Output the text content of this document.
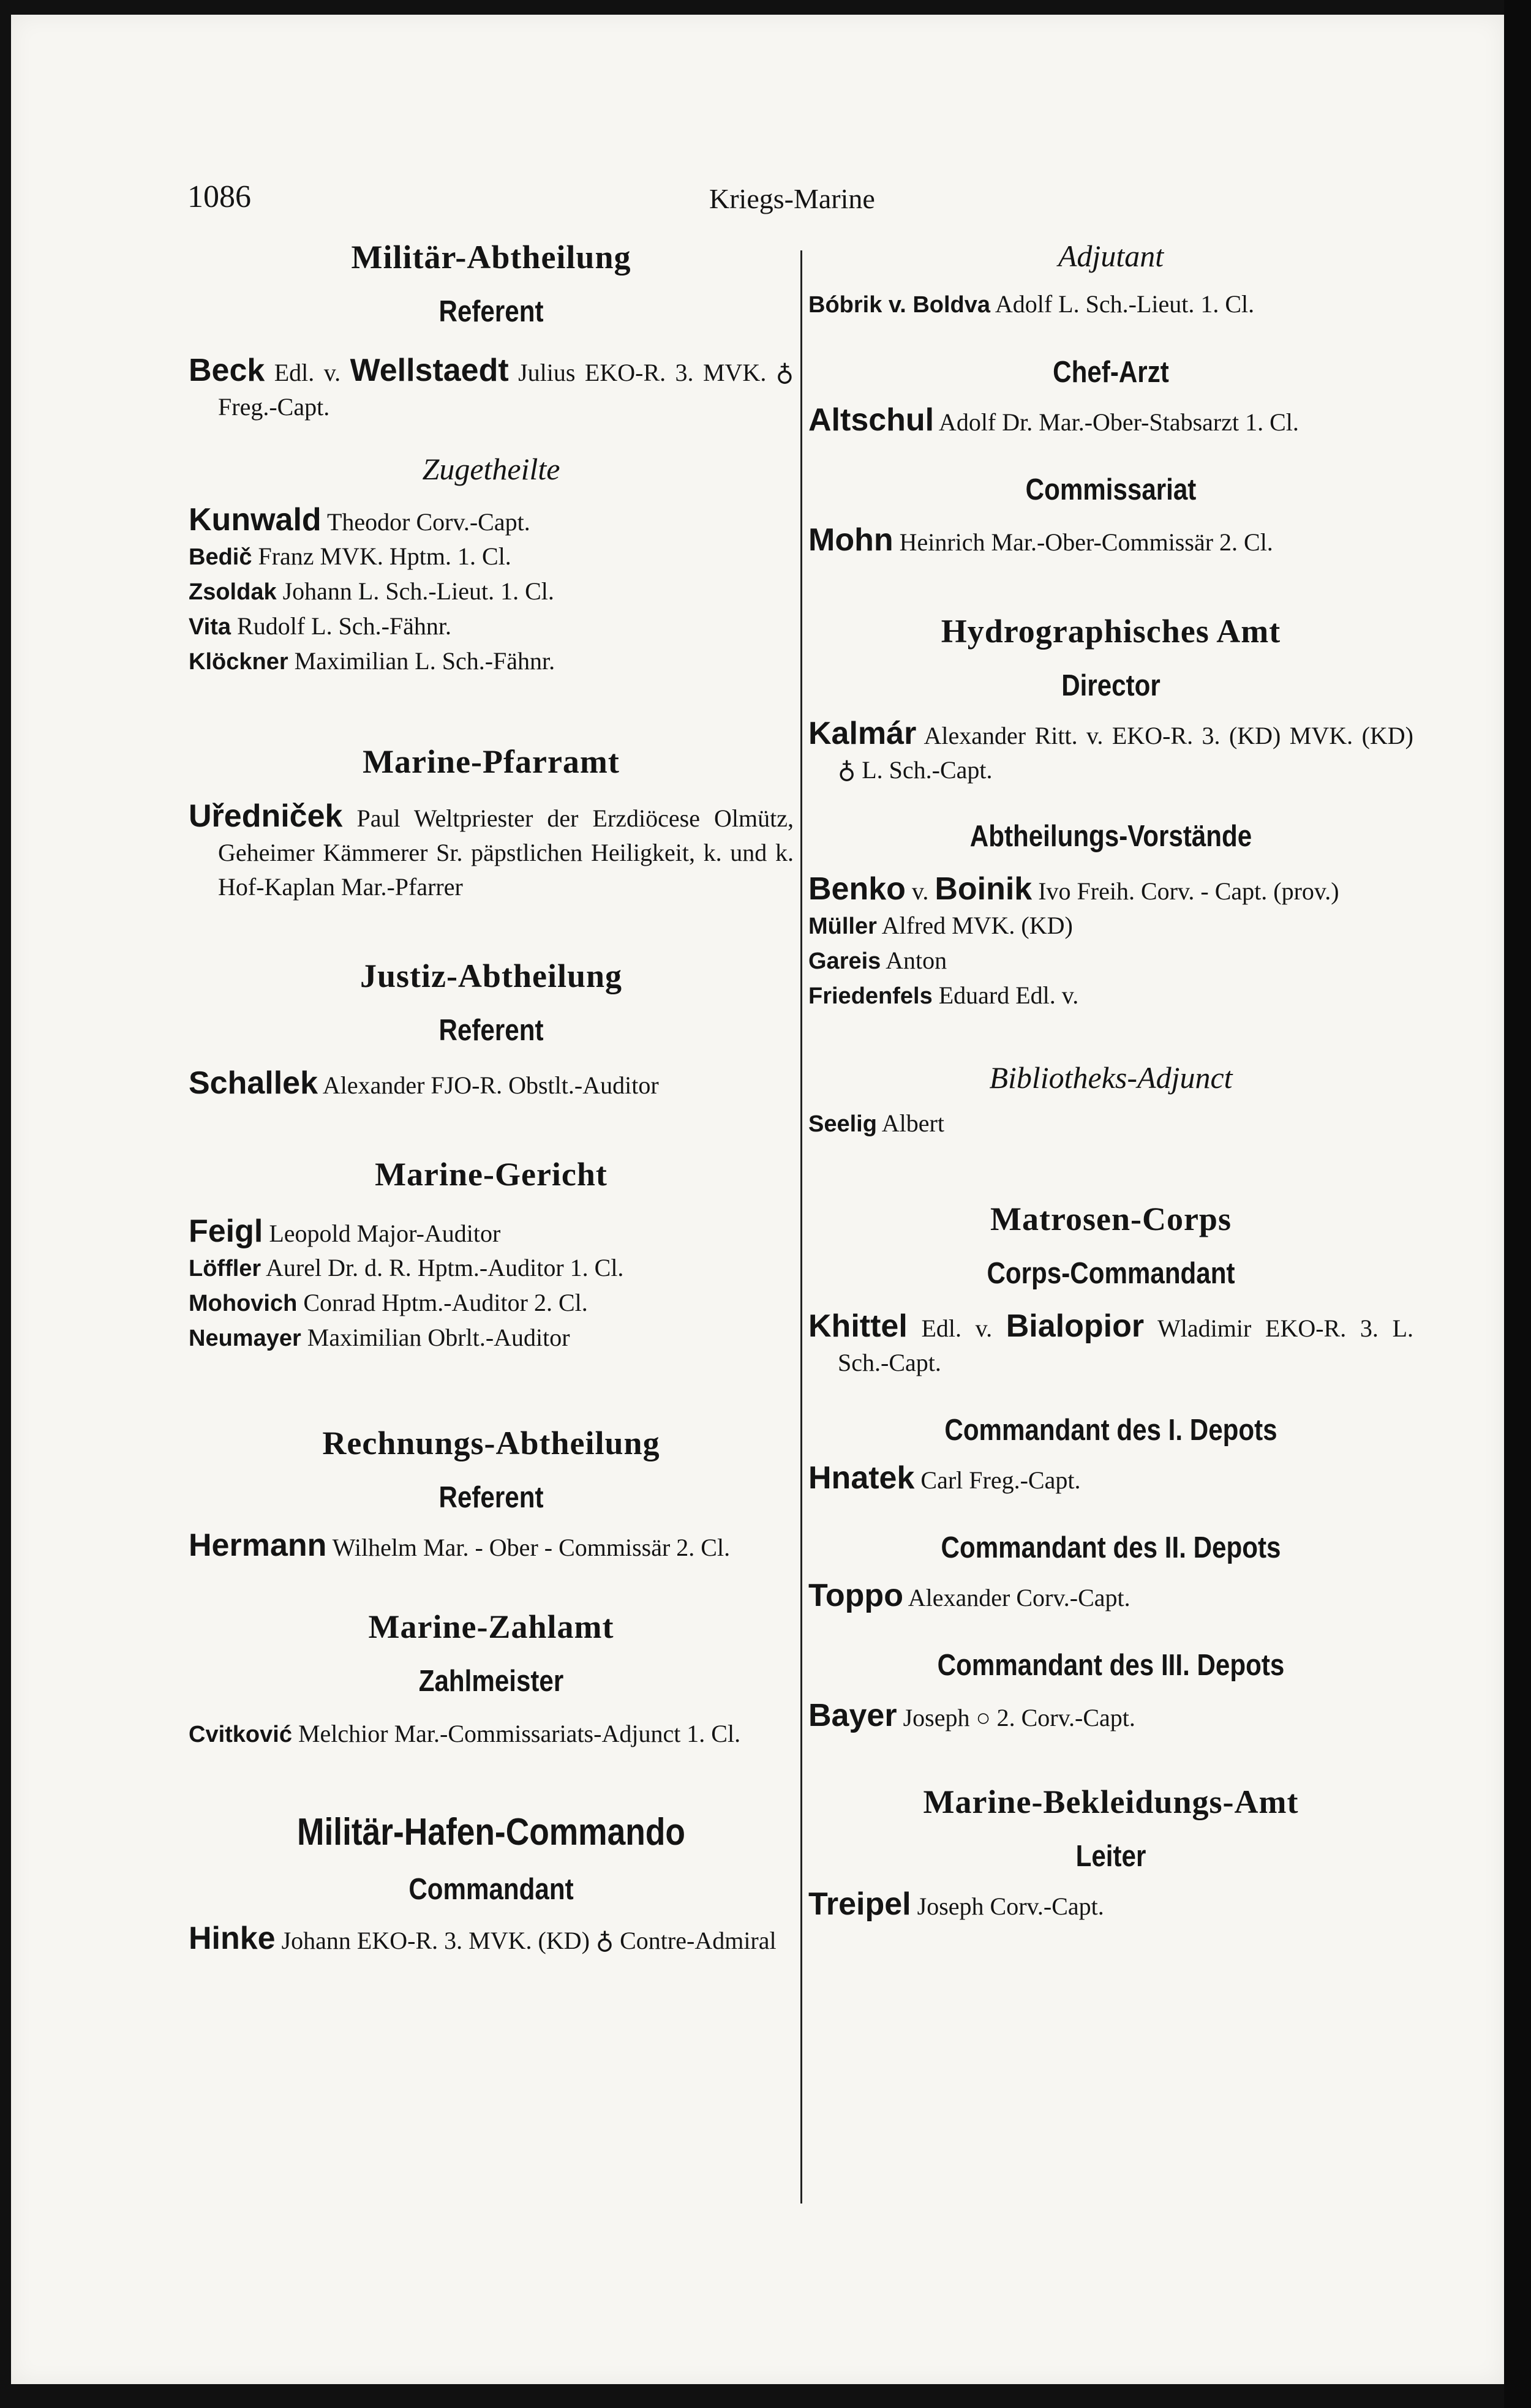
1086	Kriegs-Marine
Militär-Abtheilung
Referent
Beck Edl. v. Wellstaedt Julius EKO-R. 3. MVK. ♁ Freg.-Capt.
Zugetheilte
Kunwald Theodor Corv.-Capt.
Bedič Franz MVK. Hptm. 1. Cl.
Zsoldak Johann L. Sch.-Lieut. 1. Cl.
Vita Rudolf L. Sch.-Fähnr.
Klöckner Maximilian L. Sch.-Fähnr.
Marine-Pfarramt
Uředniček Paul Weltpriester der Erzdiöcese Olmütz, Geheimer Kämmerer Sr. päpstlichen Heiligkeit, k. und k. Hof-Kaplan Mar.-Pfarrer
Justiz-Abtheilung
Referent
Schallek Alexander FJO-R. Obstlt.-Auditor
Marine-Gericht
Feigl Leopold Major-Auditor
Löffler Aurel Dr. d. R. Hptm.-Auditor 1. Cl.
Mohovich Conrad Hptm.-Auditor 2. Cl.
Neumayer Maximilian Obrlt.-Auditor
Rechnungs-Abtheilung
Referent
Hermann Wilhelm Mar. - Ober - Commissär 2. Cl.
Marine-Zahlamt
Zahlmeister
Cvitković Melchior Mar.-Commissariats-Adjunct 1. Cl.
Militär-Hafen-Commando
Commandant
Hinke Johann EKO-R. 3. MVK. (KD) ♁ Contre-Admiral
Adjutant
Bóbrik v. Boldva Adolf L. Sch.-Lieut. 1. Cl.
Chef-Arzt
Altschul Adolf Dr. Mar.-Ober-Stabsarzt 1. Cl.
Commissariat
Mohn Heinrich Mar.-Ober-Commissär 2. Cl.
Hydrographisches Amt
Director
Kalmár Alexander Ritt. v. EKO-R. 3. (KD) MVK. (KD) ♁ L. Sch.-Capt.
Abtheilungs-Vorstände
Benko v. Boinik Ivo Freih. Corv. - Capt. (prov.)
Müller Alfred MVK. (KD)
Gareis Anton
Friedenfels Eduard Edl. v.
Bibliotheks-Adjunct
Seelig Albert
Matrosen-Corps
Corps-Commandant
Khittel Edl. v. Bialopior Wladimir EKO-R. 3. L. Sch.-Capt.
Commandant des I. Depots
Hnatek Carl Freg.-Capt.
Commandant des II. Depots
Toppo Alexander Corv.-Capt.
Commandant des III. Depots
Bayer Joseph ○ 2. Corv.-Capt.
Marine-Bekleidungs-Amt
Leiter
Treipel Joseph Corv.-Capt.
